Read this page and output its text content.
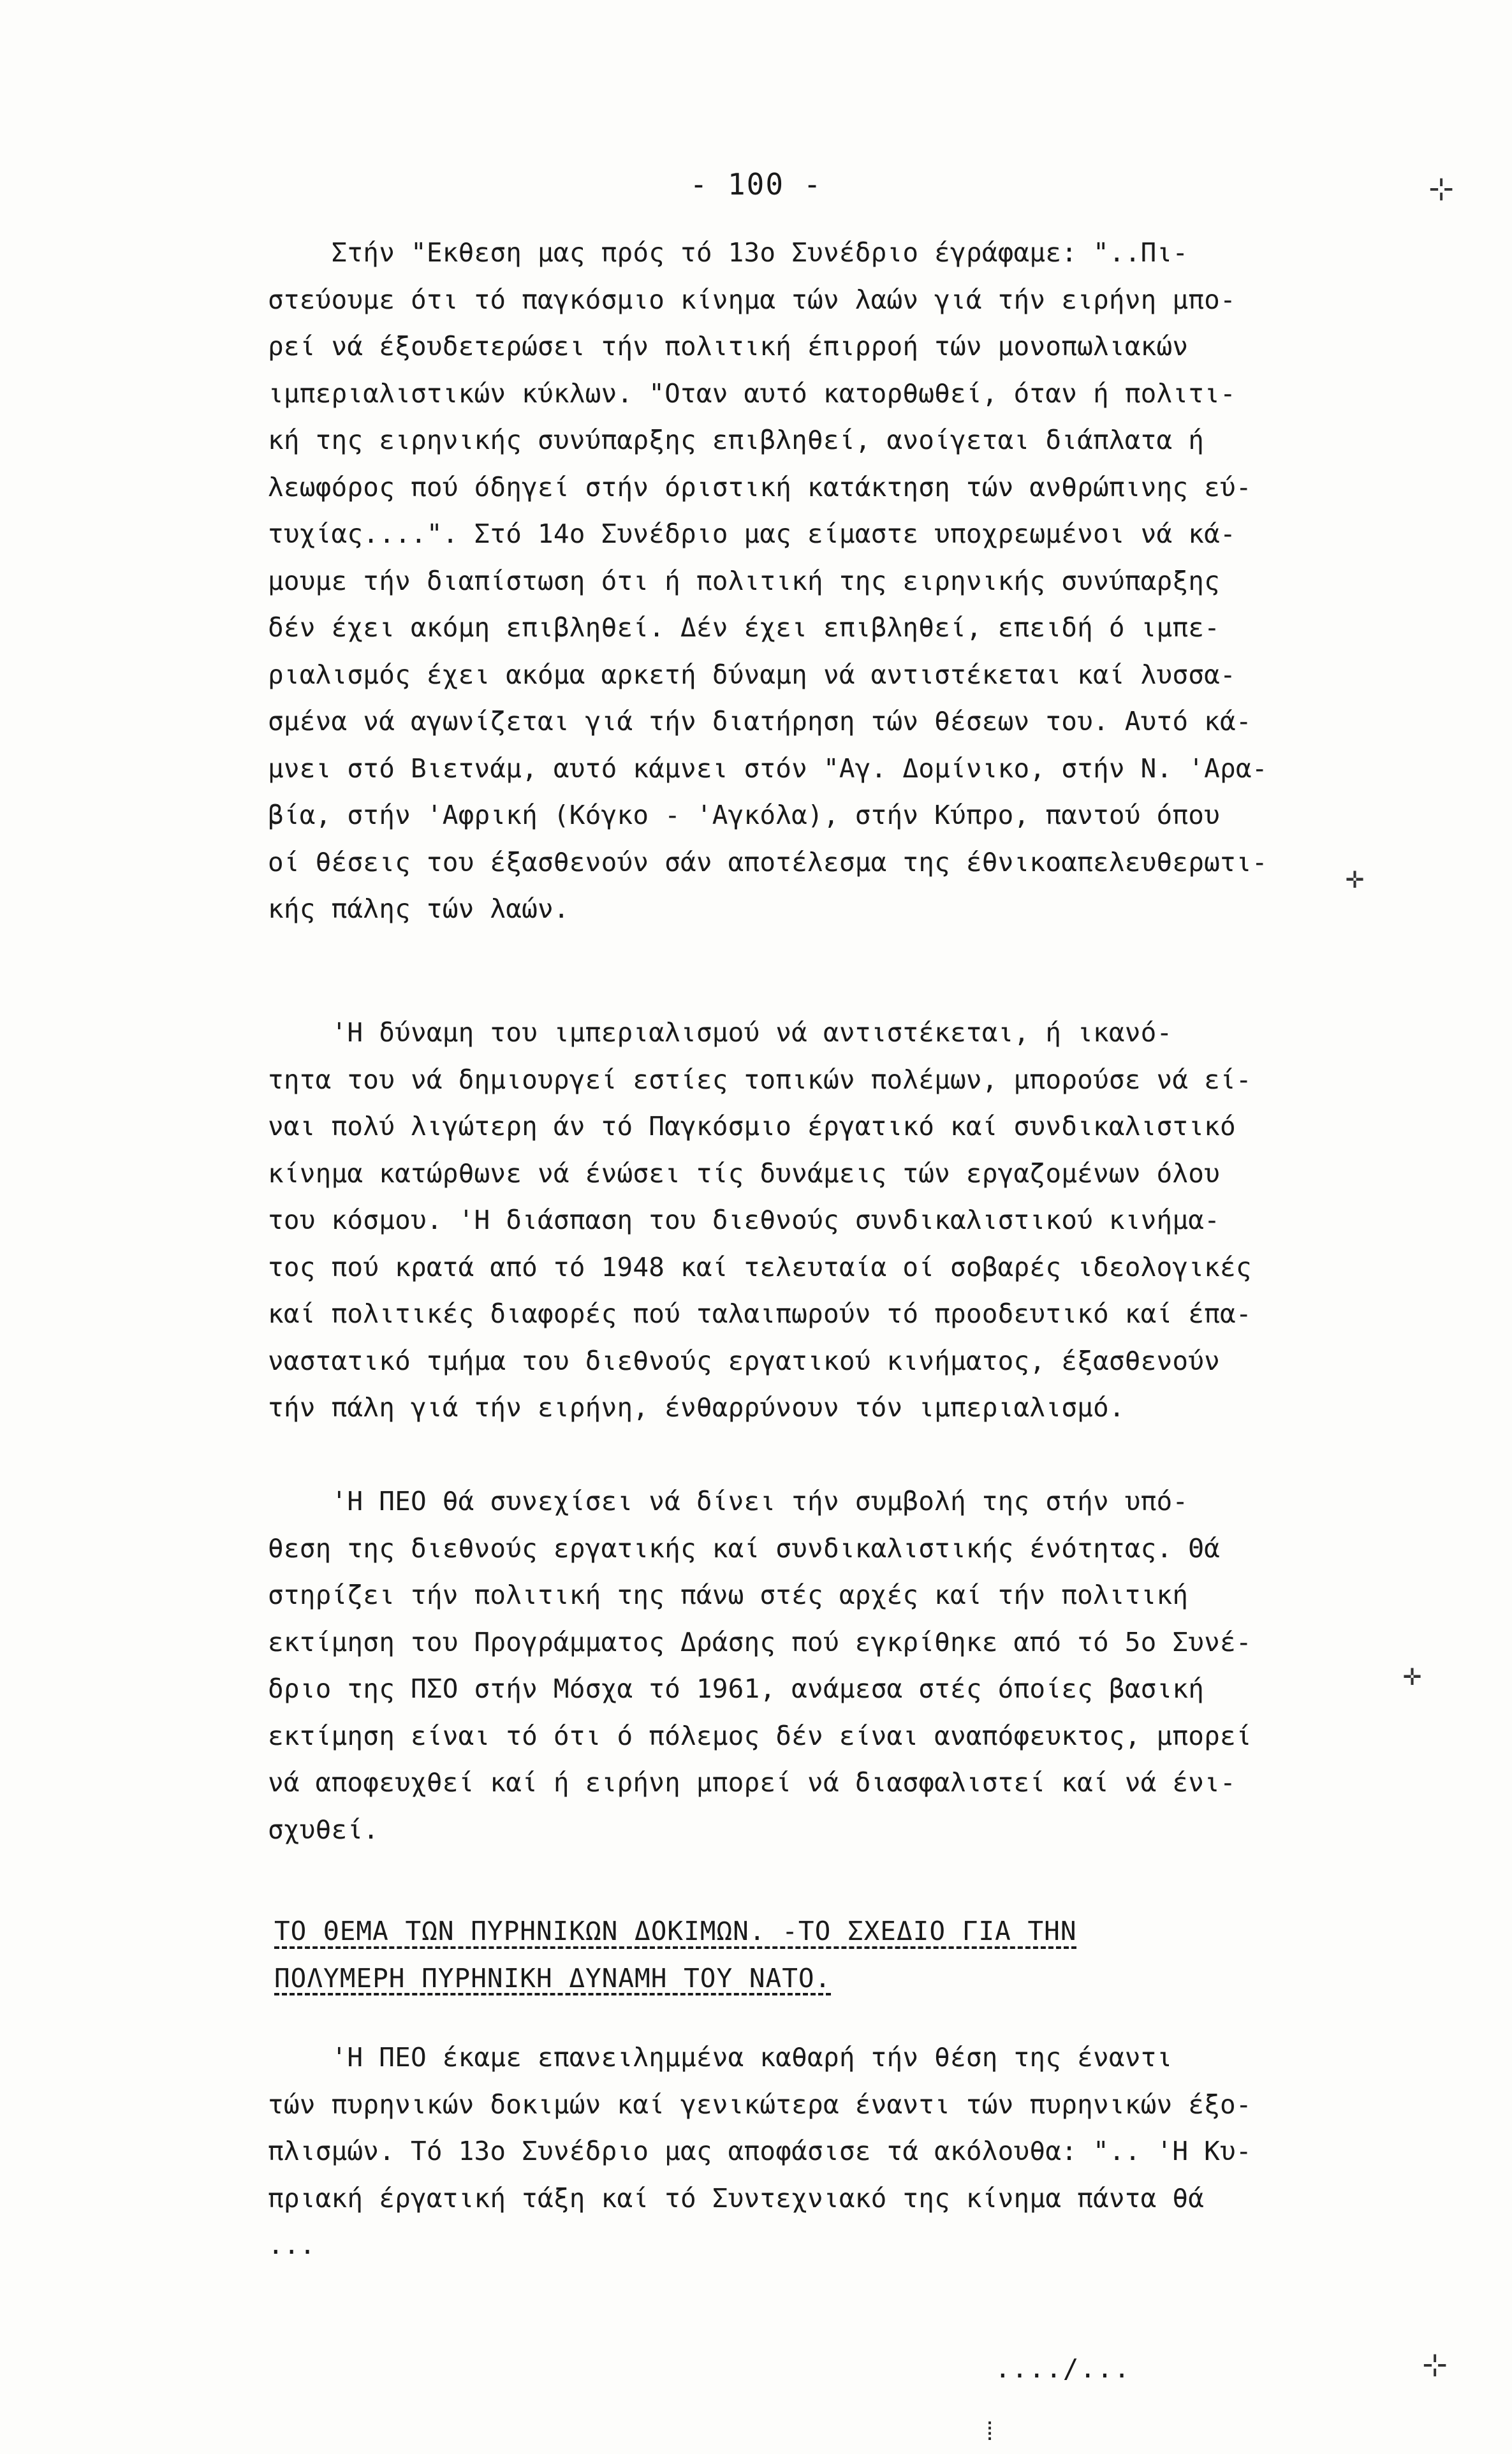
- 100 -
Στήν "Εκθεση μας πρός τό 13ο Συνέδριο έγράφαμε: "..Πι-
στεύουμε ότι τό παγκόσμιο κίνημα τών λαών γιά τήν ειρήνη μπο-
ρεί νά έξουδετερώσει τήν πολιτική έπιρροή τών μονοπωλιακών
ιμπεριαλιστικών κύκλων. "Οταν αυτό κατορθωθεί, όταν ή πολιτι-
κή της ειρηνικής συνύπαρξης επιβληθεί, ανοίγεται διάπλατα ή
λεωφόρος πού όδηγεί στήν όριστική κατάκτηση τών ανθρώπινης εύ-
τυχίας....". Στό 14ο Συνέδριο μας είμαστε υποχρεωμένοι νά κά-
μουμε τήν διαπίστωση ότι ή πολιτική της ειρηνικής συνύπαρξης
δέν έχει ακόμη επιβληθεί. Δέν έχει επιβληθεί, επειδή ό ιμπε-
ριαλισμός έχει ακόμα αρκετή δύναμη νά αντιστέκεται καί λυσσα-
σμένα νά αγωνίζεται γιά τήν διατήρηση τών θέσεων του. Αυτό κά-
μνει στό Βιετνάμ, αυτό κάμνει στόν "Αγ. Δομίνικο, στήν Ν. 'Αρα-
βία, στήν 'Αφρική (Κόγκο - 'Αγκόλα), στήν Κύπρο, παντού όπου
οί θέσεις του έξασθενούν σάν αποτέλεσμα της έθνικοαπελευθερωτι-
κής πάλης τών λαών.
'Η δύναμη του ιμπεριαλισμού νά αντιστέκεται, ή ικανό-
τητα του νά δημιουργεί εστίες τοπικών πολέμων, μπορούσε νά εί-
ναι πολύ λιγώτερη άν τό Παγκόσμιο έργατικό καί συνδικαλιστικό
κίνημα κατώρθωνε νά ένώσει τίς δυνάμεις τών εργαζομένων όλου
του κόσμου. 'Η διάσπαση του διεθνούς συνδικαλιστικού κινήμα-
τος πού κρατά από τό 1948 καί τελευταία οί σοβαρές ιδεολογικές
καί πολιτικές διαφορές πού ταλαιπωρούν τό προοδευτικό καί έπα-
ναστατικό τμήμα του διεθνούς εργατικού κινήματος, έξασθενούν
τήν πάλη γιά τήν ειρήνη, ένθαρρύνουν τόν ιμπεριαλισμό.
'Η ΠΕΟ θά συνεχίσει νά δίνει τήν συμβολή της στήν υπό-
θεση της διεθνούς εργατικής καί συνδικαλιστικής ένότητας. Θά
στηρίζει τήν πολιτική της πάνω στές αρχές καί τήν πολιτική
εκτίμηση του Προγράμματος Δράσης πού εγκρίθηκε από τό 5ο Συνέ-
δριο της ΠΣΟ στήν Μόσχα τό 1961, ανάμεσα στές όποίες βασική
εκτίμηση είναι τό ότι ό πόλεμος δέν είναι αναπόφευκτος, μπορεί
νά αποφευχθεί καί ή ειρήνη μπορεί νά διασφαλιστεί καί νά ένι-
σχυθεί.
ΤΟ ΘΕΜΑ ΤΩΝ ΠΥΡΗΝΙΚΩΝ ΔΟΚΙΜΩΝ. -ΤΟ ΣΧΕΔΙΟ ΓΙΑ ΤΗΝ
ΠΟΛΥΜΕΡΗ ΠΥΡΗΝΙΚΗ ΔΥΝΑΜΗ ΤΟΥ ΝΑΤΟ.
'Η ΠΕΟ έκαμε επανειλημμένα καθαρή τήν θέση της έναντι
τών πυρηνικών δοκιμών καί γενικώτερα έναντι τών πυρηνικών έξο-
πλισμών. Τό 13ο Συνέδριο μας αποφάσισε τά ακόλουθα: ".. 'Η Κυ-
πριακή έργατική τάξη καί τό Συντεχνιακό της κίνημα πάντα θά
...
..../...
⊹
✛
✛
⊹
⁞
